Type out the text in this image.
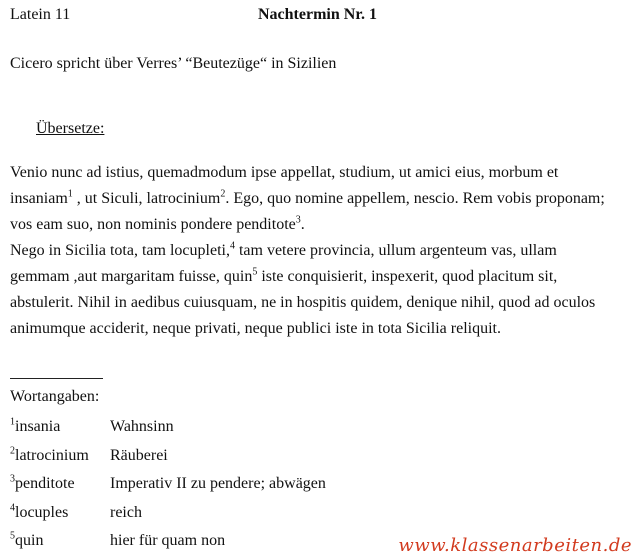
Latein 11	Nachtermin Nr. 1
Cicero spricht über Verres’ “Beutezüge“ in Sizilien
Übersetze:
Venio nunc ad istius, quemadmodum ipse appellat, studium, ut amici eius, morbum et
insaniam$^1$ , ut Siculi, latrocinium$^2$. Ego, quo nomine appellem, nescio. Rem vobis proponam;
vos eam suo, non nominis pondere penditote$^3$.
Nego in Sicilia tota, tam locupleti,$^4$ tam vetere provincia, ullum argenteum vas, ullam
gemmam ,aut margaritam fuisse, quin$^5$ iste conquisierit, inspexerit, quod placitum sit,
abstulerit. Nihil in aedibus cuiusquam, ne in hospitis quidem, denique nihil, quod ad oculos
animumque acciderit, neque privati, neque publici iste in tota Sicilia reliquit.
Wortangaben:
$^1$insania	Wahnsinn
$^2$latrocinium Räuberei
$^3$penditote Imperativ II zu pendere; abwägen
$^4$locuples	reich
$^5$quin	hier für quam non	www.klassenarbeiten.de
